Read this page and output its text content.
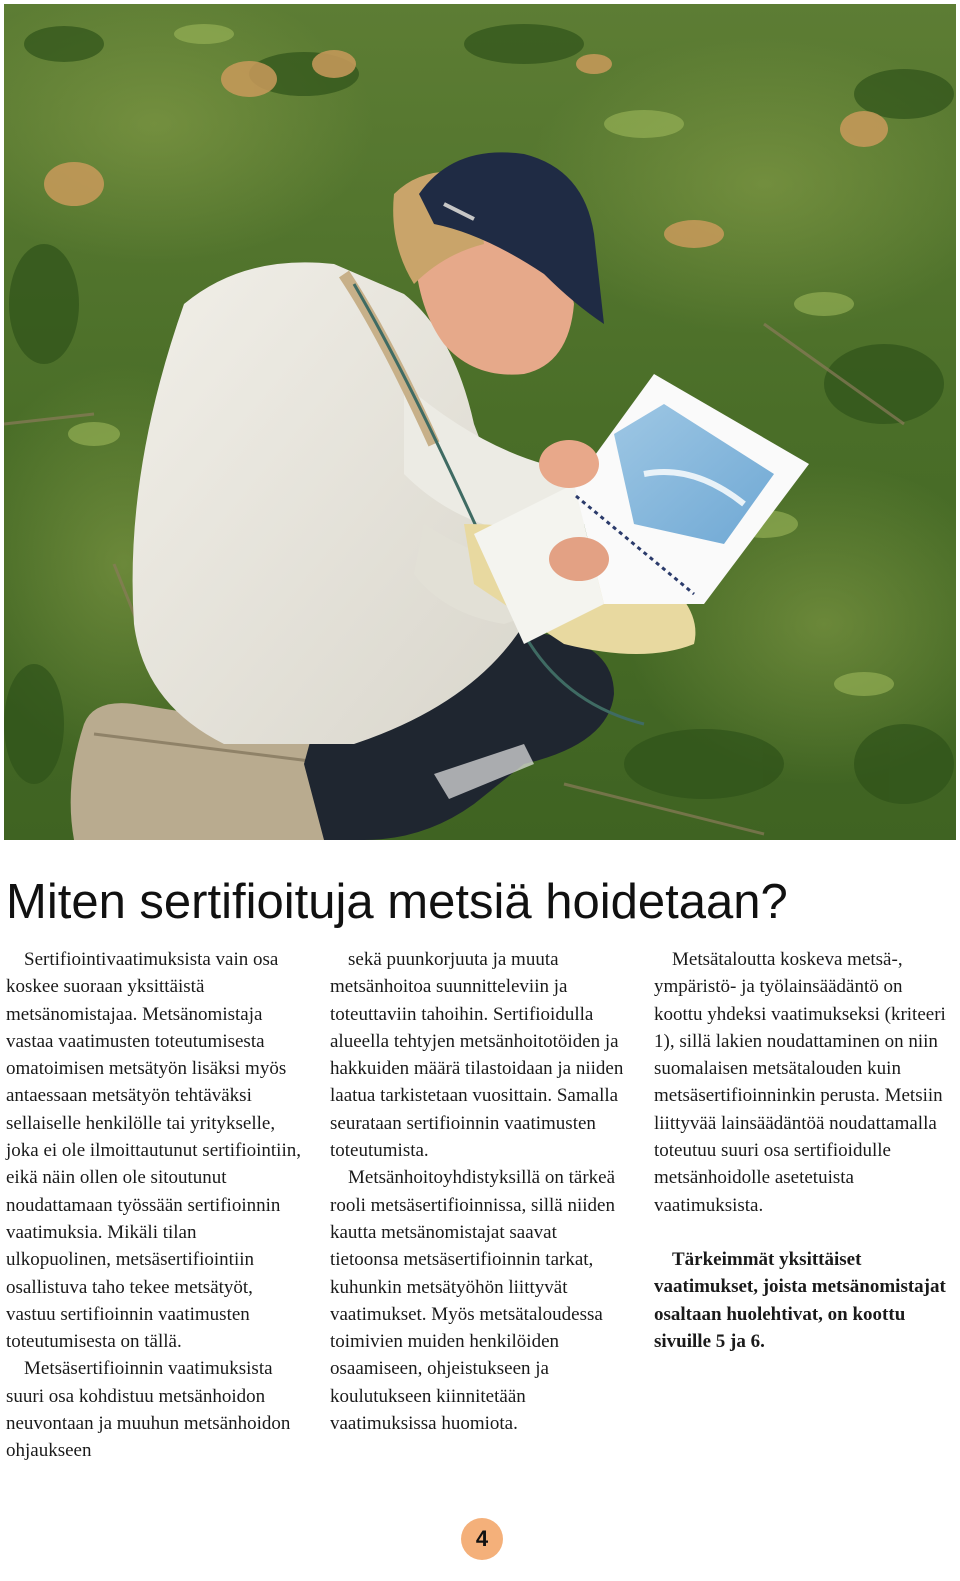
Miten sertifioituja metsiä hoidetaan?

Sertifiointivaatimuksista vain osa koskee suoraan yksittäistä metsänomistajaa. Metsänomistaja vastaa vaatimusten toteutumisesta omatoimisen metsätyön lisäksi myös antaessaan metsätyön tehtäväksi sellaiselle henkilölle tai yritykselle, joka ei ole ilmoittautunut sertifiointiin, eikä näin ollen ole sitoutunut noudattamaan työssään sertifioinnin vaatimuksia. Mikäli tilan ulkopuolinen, metsäsertifiointiin osallistuva taho tekee metsätyöt, vastuu sertifioinnin vaatimusten toteutumisesta on tällä.

Metsäsertifioinnin vaatimuksista suuri osa kohdistuu metsänhoidon neuvontaan ja muuhun metsänhoidon ohjaukseen

sekä puunkorjuuta ja muuta metsänhoitoa suunnitteleviin ja toteuttaviin tahoihin. Sertifioidulla alueella tehtyjen metsänhoitotöiden ja hakkuiden määrä tilastoidaan ja niiden laatua tarkistetaan vuosittain. Samalla seurataan sertifioinnin vaatimusten toteutumista.

Metsänhoitoyhdistyksillä on tärkeä rooli metsäsertifioinnissa, sillä niiden kautta metsänomistajat saavat tietoonsa metsäsertifioinnin tarkat, kuhunkin metsätyöhön liittyvät vaatimukset. Myös metsätaloudessa toimivien muiden henkilöiden osaamiseen, ohjeistukseen ja koulutukseen kiinnitetään vaatimuksissa huomiota.

Metsätaloutta koskeva metsä-, ympäristö- ja työlainsäädäntö on koottu yhdeksi vaatimukseksi (kriteeri 1), sillä lakien noudattaminen on niin suomalaisen metsätalouden kuin metsäsertifioinninkin perusta. Metsiin liittyvää lainsäädäntöä noudattamalla toteutuu suuri osa sertifioidulle metsänhoidolle asetetuista vaatimuksista.

Tärkeimmät yksittäiset vaatimukset, joista metsänomistajat osaltaan huolehtivat, on koottu sivuille 5 ja 6.

4
